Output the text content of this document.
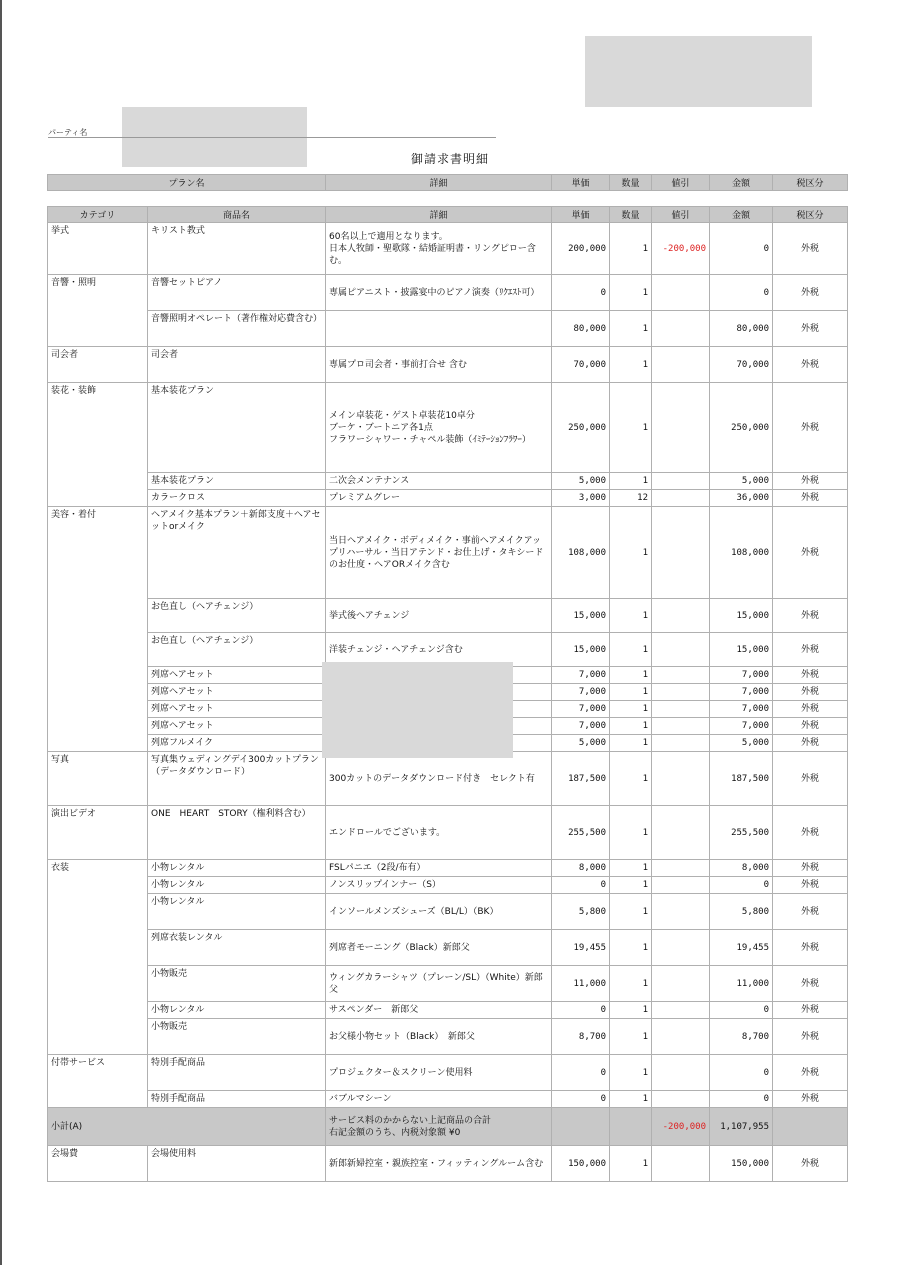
パーティ名
御請求書明細
プラン名	詳細	単価	数量	値引	金額	税区分
カテゴリ	商品名	詳細	単価	数量	値引	金額	税区分
挙式	キリスト教式	60名以上で適用となります。
日本人牧師・聖歌隊・結婚証明書・リングピロー含む。	200,000	1	-200,000	0	外税
音響・照明	音響セットピアノ	専属ピアニスト・披露宴中のピアノ演奏（ﾘｸｴｽﾄ可）	0	1		0	外税
	音響照明オペレート（著作権対応費含む）		80,000	1		80,000	外税
司会者	司会者	専属プロ司会者・事前打合せ 含む	70,000	1		70,000	外税
装花・装飾	基本装花プラン	メイン卓装花・ゲスト卓装花10卓分
ブーケ・ブートニア各1点
フラワーシャワー・チャペル装飾（ｲﾐﾃｰｼｮﾝﾌﾗﾜｰ）	250,000	1		250,000	外税
	基本装花プラン	二次会メンテナンス	5,000	1		5,000	外税
	カラークロス	プレミアムグレー	3,000	12		36,000	外税
美容・着付	ヘアメイク基本プラン＋新郎支度＋ヘアセットorメイク	当日ヘアメイク・ボディメイク・事前ヘアメイクアップリハーサル・当日アテンド・お仕上げ・タキシードのお仕度・ヘアORメイク含む	108,000	1		108,000	外税
	お色直し（ヘアチェンジ）	挙式後ヘアチェンジ	15,000	1		15,000	外税
	お色直し（ヘアチェンジ）	洋装チェンジ・ヘアチェンジ含む	15,000	1		15,000	外税
	列席ヘアセット		7,000	1		7,000	外税
	列席ヘアセット		7,000	1		7,000	外税
	列席ヘアセット		7,000	1		7,000	外税
	列席ヘアセット		7,000	1		7,000	外税
	列席フルメイク		5,000	1		5,000	外税
写真	写真集ウェディングデイ300カットプラン（データダウンロード）	300カットのデータダウンロード付き　セレクト有	187,500	1		187,500	外税
演出ビデオ	ONE　HEART　STORY（権利料含む）	エンドロールでございます。	255,500	1		255,500	外税
衣装	小物レンタル	FSLパニエ（2段/布有）	8,000	1		8,000	外税
	小物レンタル	ノンスリップインナー（S）	0	1		0	外税
	小物レンタル	インソールメンズシューズ（BL/L）（BK）	5,800	1		5,800	外税
	列席衣装レンタル	列席者モーニング（Black）新郎父	19,455	1		19,455	外税
	小物販売	ウィングカラーシャツ（プレーン/SL）（White）新郎父	11,000	1		11,000	外税
	小物レンタル	サスペンダー　新郎父	0	1		0	外税
	小物販売	お父様小物セット（Black）　新郎父	8,700	1		8,700	外税
付帯サービス	特別手配商品	プロジェクター＆スクリーン使用料	0	1		0	外税
	特別手配商品	バブルマシーン	0	1		0	外税
小計(A)		サービス料のかからない上記商品の合計
右記金額のうち、内税対象額 ¥0			-200,000	1,107,955	
会場費	会場使用料	新郎新婦控室・親族控室・フィッティングルーム含む	150,000	1		150,000	外税
